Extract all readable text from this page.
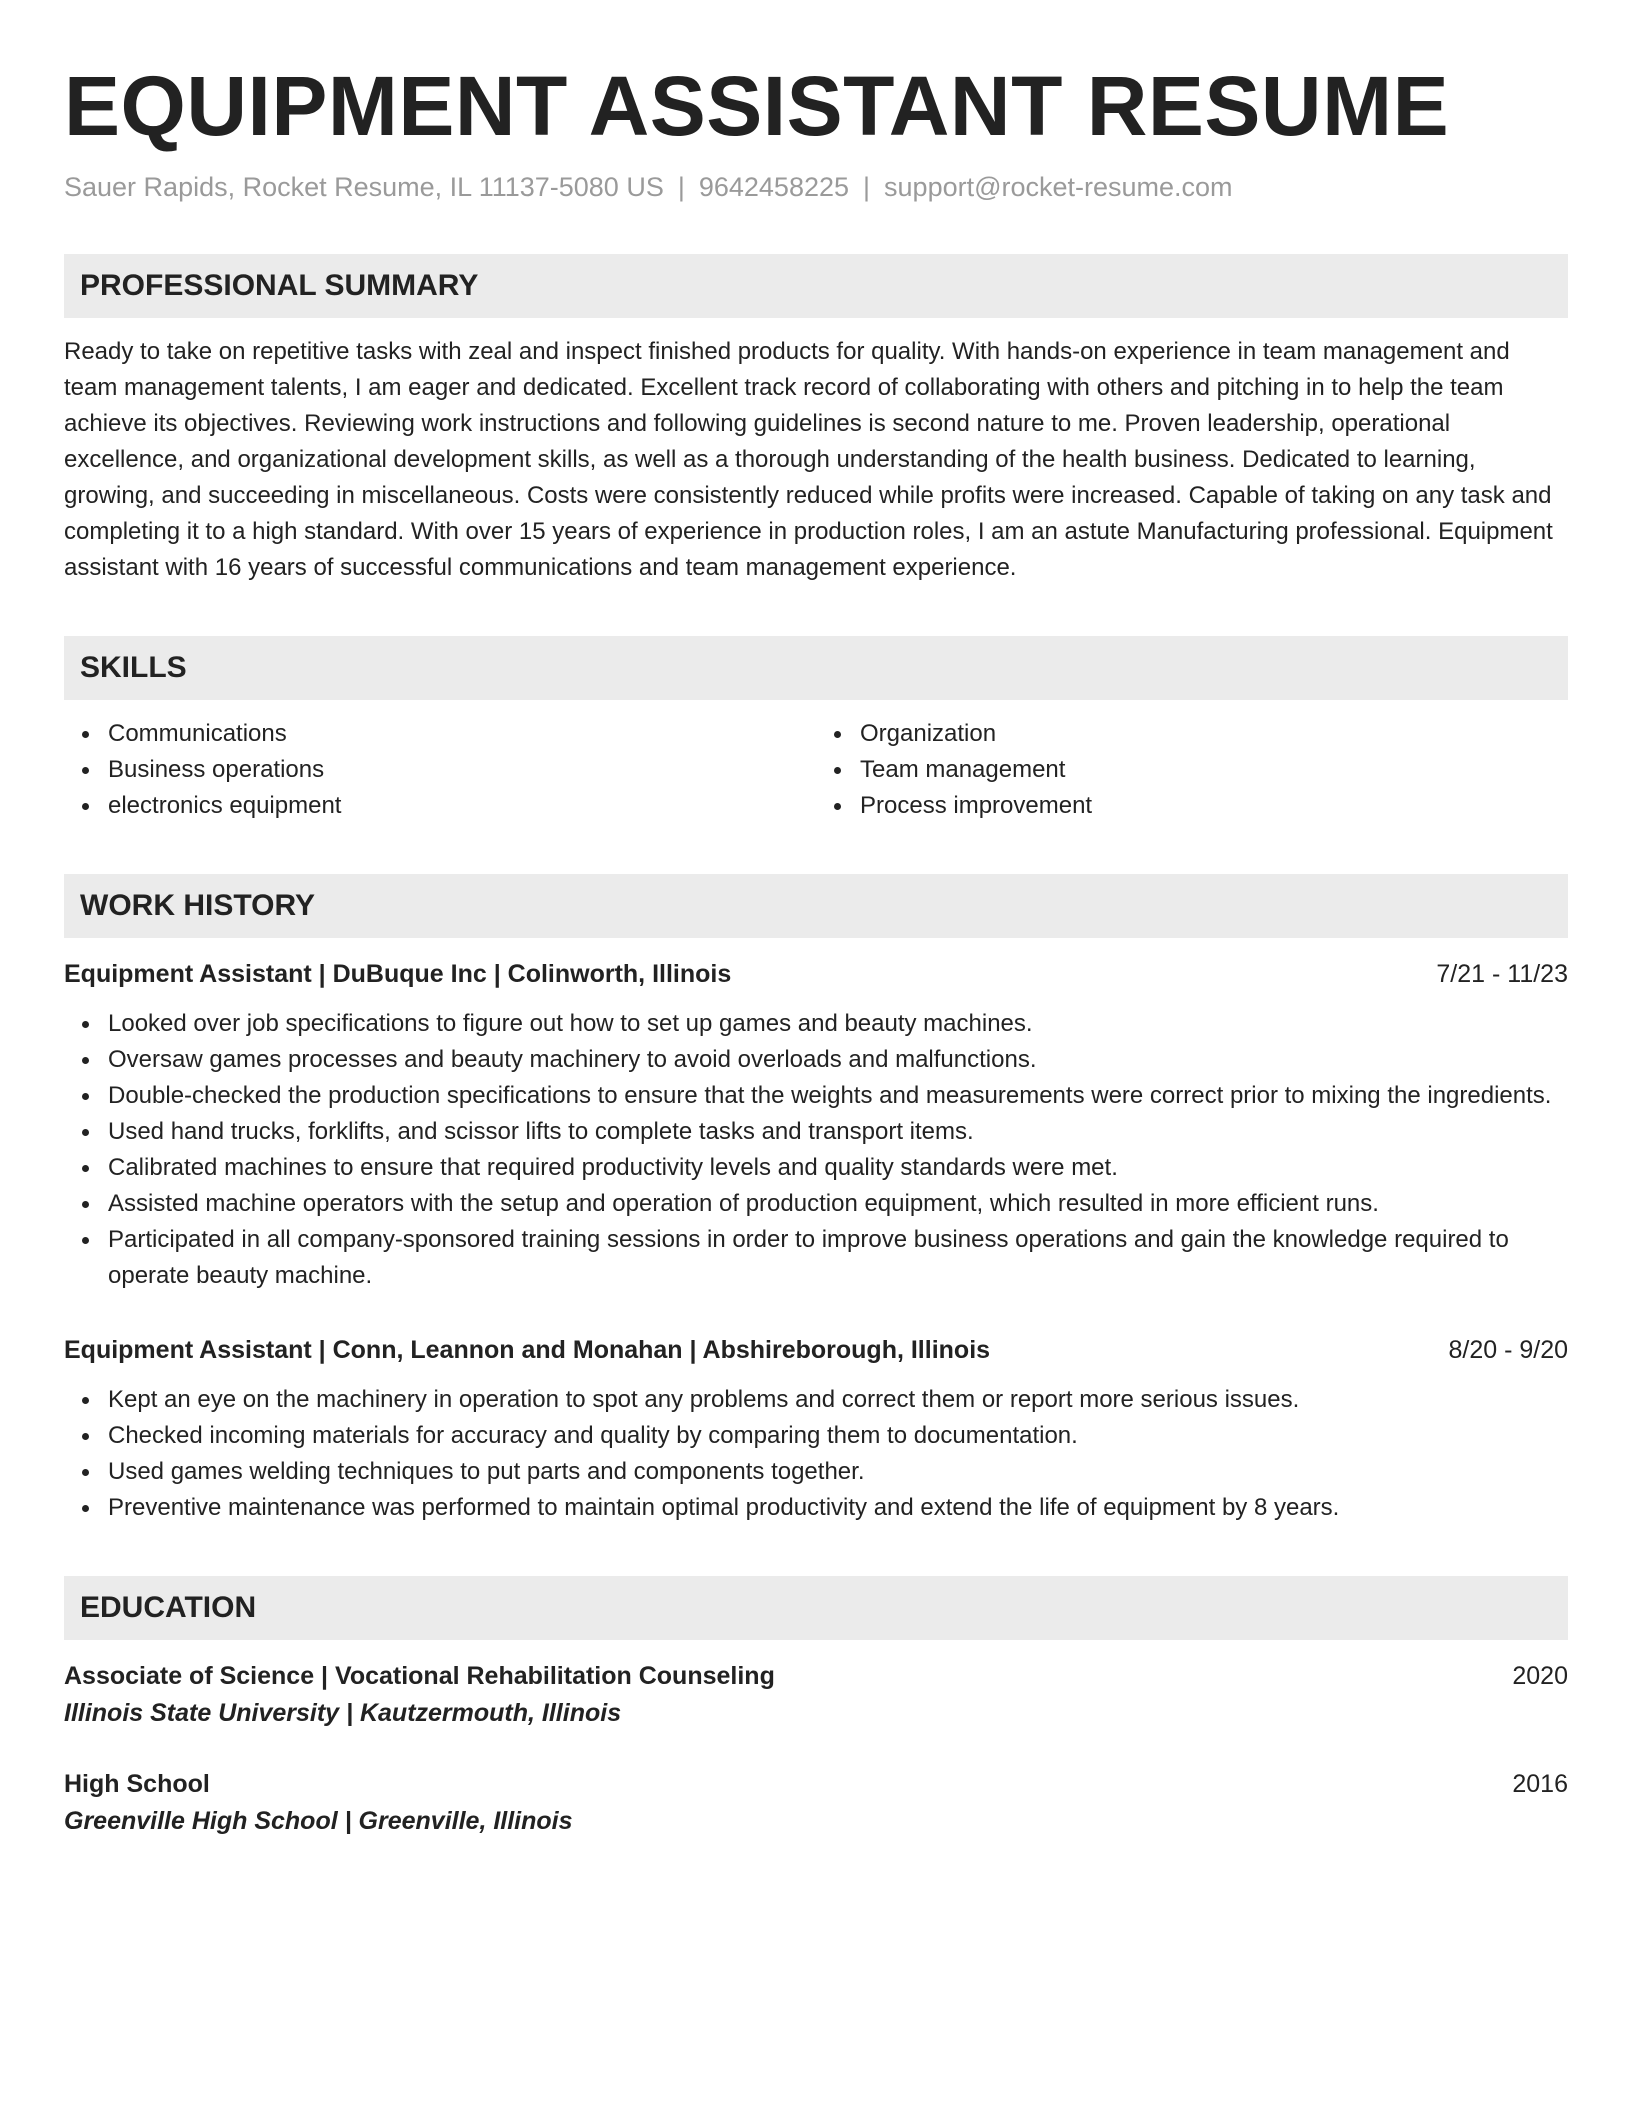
EQUIPMENT ASSISTANT RESUME
Sauer Rapids, Rocket Resume, IL 11137-5080 US | 9642458225 | support@rocket-resume.com
PROFESSIONAL SUMMARY
Ready to take on repetitive tasks with zeal and inspect finished products for quality. With hands-on experience in team management and team management talents, I am eager and dedicated. Excellent track record of collaborating with others and pitching in to help the team achieve its objectives. Reviewing work instructions and following guidelines is second nature to me. Proven leadership, operational excellence, and organizational development skills, as well as a thorough understanding of the health business. Dedicated to learning, growing, and succeeding in miscellaneous. Costs were consistently reduced while profits were increased. Capable of taking on any task and completing it to a high standard. With over 15 years of experience in production roles, I am an astute Manufacturing professional. Equipment assistant with 16 years of successful communications and team management experience.
SKILLS
Communications
Business operations
electronics equipment
Organization
Team management
Process improvement
WORK HISTORY
Equipment Assistant | DuBuque Inc | Colinworth, Illinois	7/21 - 11/23
Looked over job specifications to figure out how to set up games and beauty machines.
Oversaw games processes and beauty machinery to avoid overloads and malfunctions.
Double-checked the production specifications to ensure that the weights and measurements were correct prior to mixing the ingredients.
Used hand trucks, forklifts, and scissor lifts to complete tasks and transport items.
Calibrated machines to ensure that required productivity levels and quality standards were met.
Assisted machine operators with the setup and operation of production equipment, which resulted in more efficient runs.
Participated in all company-sponsored training sessions in order to improve business operations and gain the knowledge required to operate beauty machine.
Equipment Assistant | Conn, Leannon and Monahan | Abshireborough, Illinois	8/20 - 9/20
Kept an eye on the machinery in operation to spot any problems and correct them or report more serious issues.
Checked incoming materials for accuracy and quality by comparing them to documentation.
Used games welding techniques to put parts and components together.
Preventive maintenance was performed to maintain optimal productivity and extend the life of equipment by 8 years.
EDUCATION
Associate of Science | Vocational Rehabilitation Counseling	2020
Illinois State University | Kautzermouth, Illinois
High School	2016
Greenville High School | Greenville, Illinois
